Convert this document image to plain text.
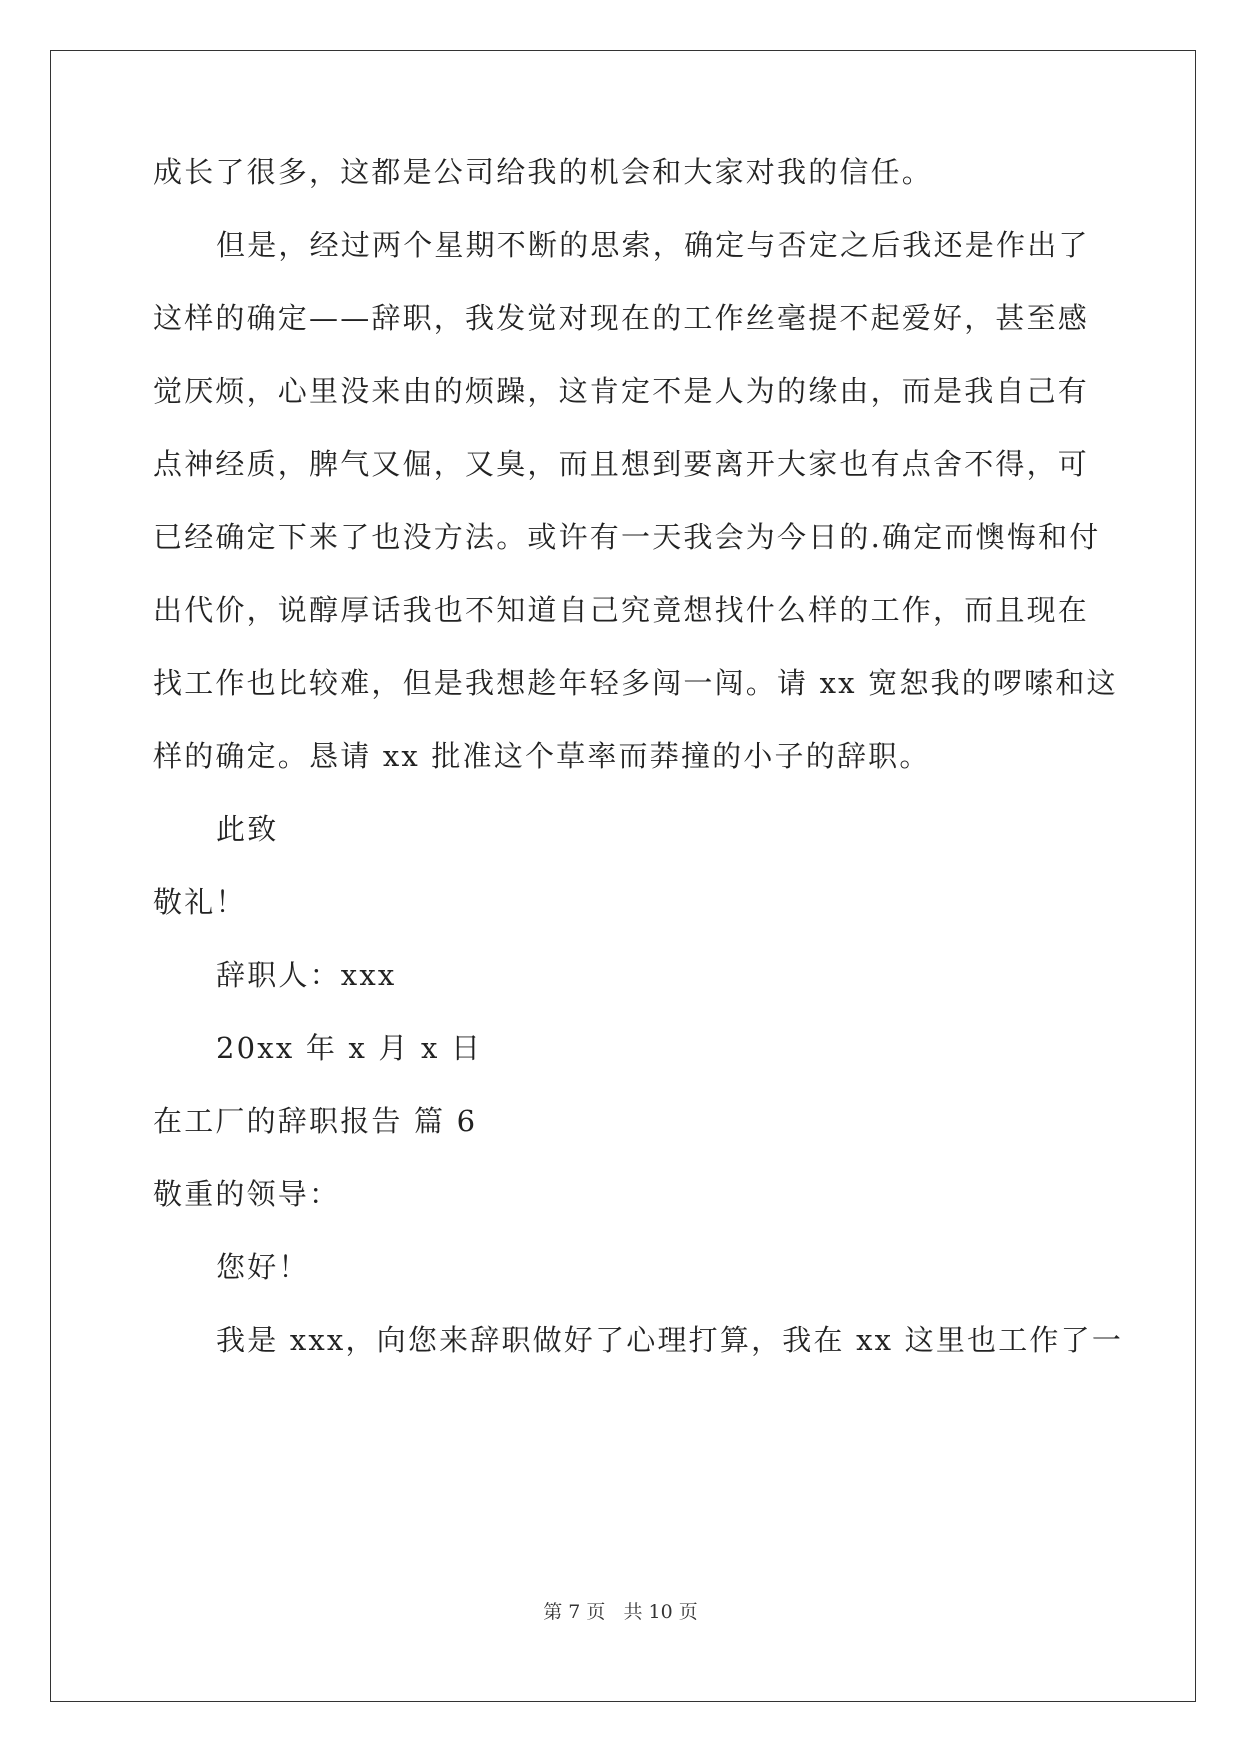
成长了很多，这都是公司给我的机会和大家对我的信任。
但是，经过两个星期不断的思索，确定与否定之后我还是作出了
这样的确定——辞职，我发觉对现在的工作丝毫提不起爱好，甚至感
觉厌烦，心里没来由的烦躁，这肯定不是人为的缘由，而是我自己有
点神经质，脾气又倔，又臭，而且想到要离开大家也有点舍不得，可
已经确定下来了也没方法。或许有一天我会为今日的.确定而懊悔和付
出代价，说醇厚话我也不知道自己究竟想找什么样的工作，而且现在
找工作也比较难，但是我想趁年轻多闯一闯。请 xx 宽恕我的啰嗦和这
样的确定。恳请 xx 批准这个草率而莽撞的小子的辞职。
此致
敬礼！
辞职人：xxx
20xx 年 x 月 x 日
在工厂的辞职报告 篇 6
敬重的领导：
您好！
我是 xxx，向您来辞职做好了心理打算，我在 xx 这里也工作了一
第 7 页 共 10 页
